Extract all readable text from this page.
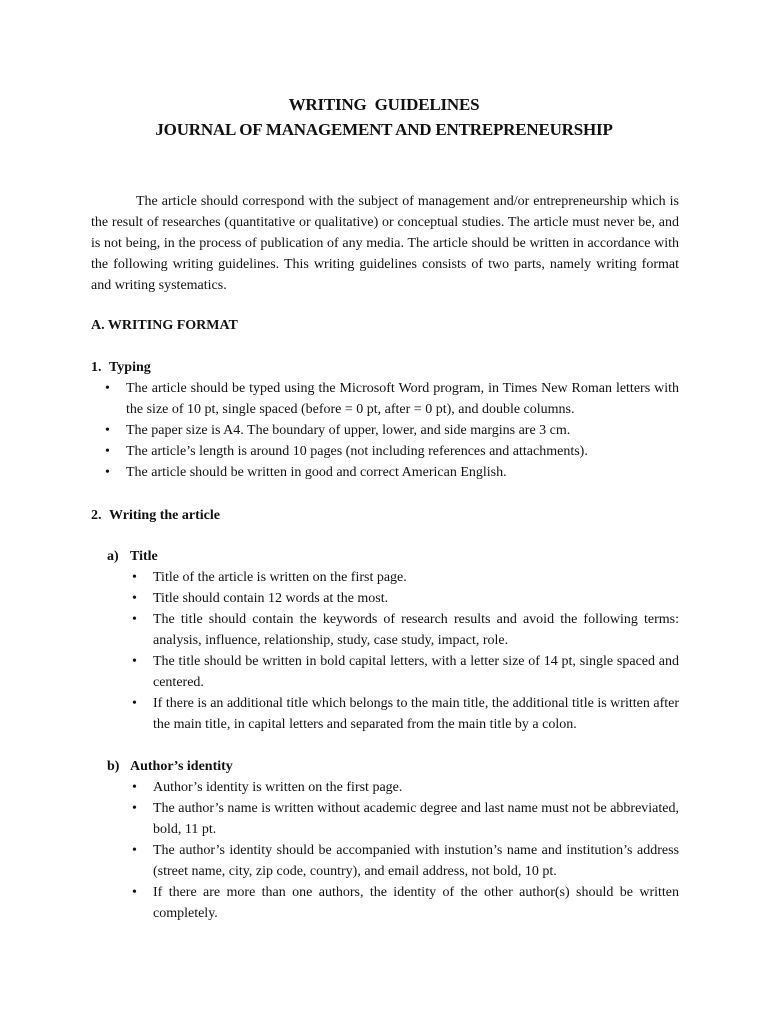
WRITING GUIDELINES
JOURNAL OF MANAGEMENT AND ENTREPRENEURSHIP

The article should correspond with the subject of management and/or entrepreneurship which is the result of researches (quantitative or qualitative) or conceptual studies. The article must never be, and is not being, in the process of publication of any media. The article should be written in accordance with the following writing guidelines. This writing guidelines consists of two parts, namely writing format and writing systematics.

A. WRITING FORMAT

1. Typing

• The article should be typed using the Microsoft Word program, in Times New Roman letters with the size of 10 pt, single spaced (before = 0 pt, after = 0 pt), and double columns.
• The paper size is A4. The boundary of upper, lower, and side margins are 3 cm.
• The article’s length is around 10 pages (not including references and attachments).
• The article should be written in good and correct American English.

2. Writing the article

a) Title

• Title of the article is written on the first page.
• Title should contain 12 words at the most.
• The title should contain the keywords of research results and avoid the following terms: analysis, influence, relationship, study, case study, impact, role.
• The title should be written in bold capital letters, with a letter size of 14 pt, single spaced and centered.
• If there is an additional title which belongs to the main title, the additional title is written after the main title, in capital letters and separated from the main title by a colon.

b) Author’s identity

• Author’s identity is written on the first page.
• The author’s name is written without academic degree and last name must not be abbreviated, bold, 11 pt.
• The author’s identity should be accompanied with instution’s name and institution’s address (street name, city, zip code, country), and email address, not bold, 10 pt.
• If there are more than one authors, the identity of the other author(s) should be written completely.
